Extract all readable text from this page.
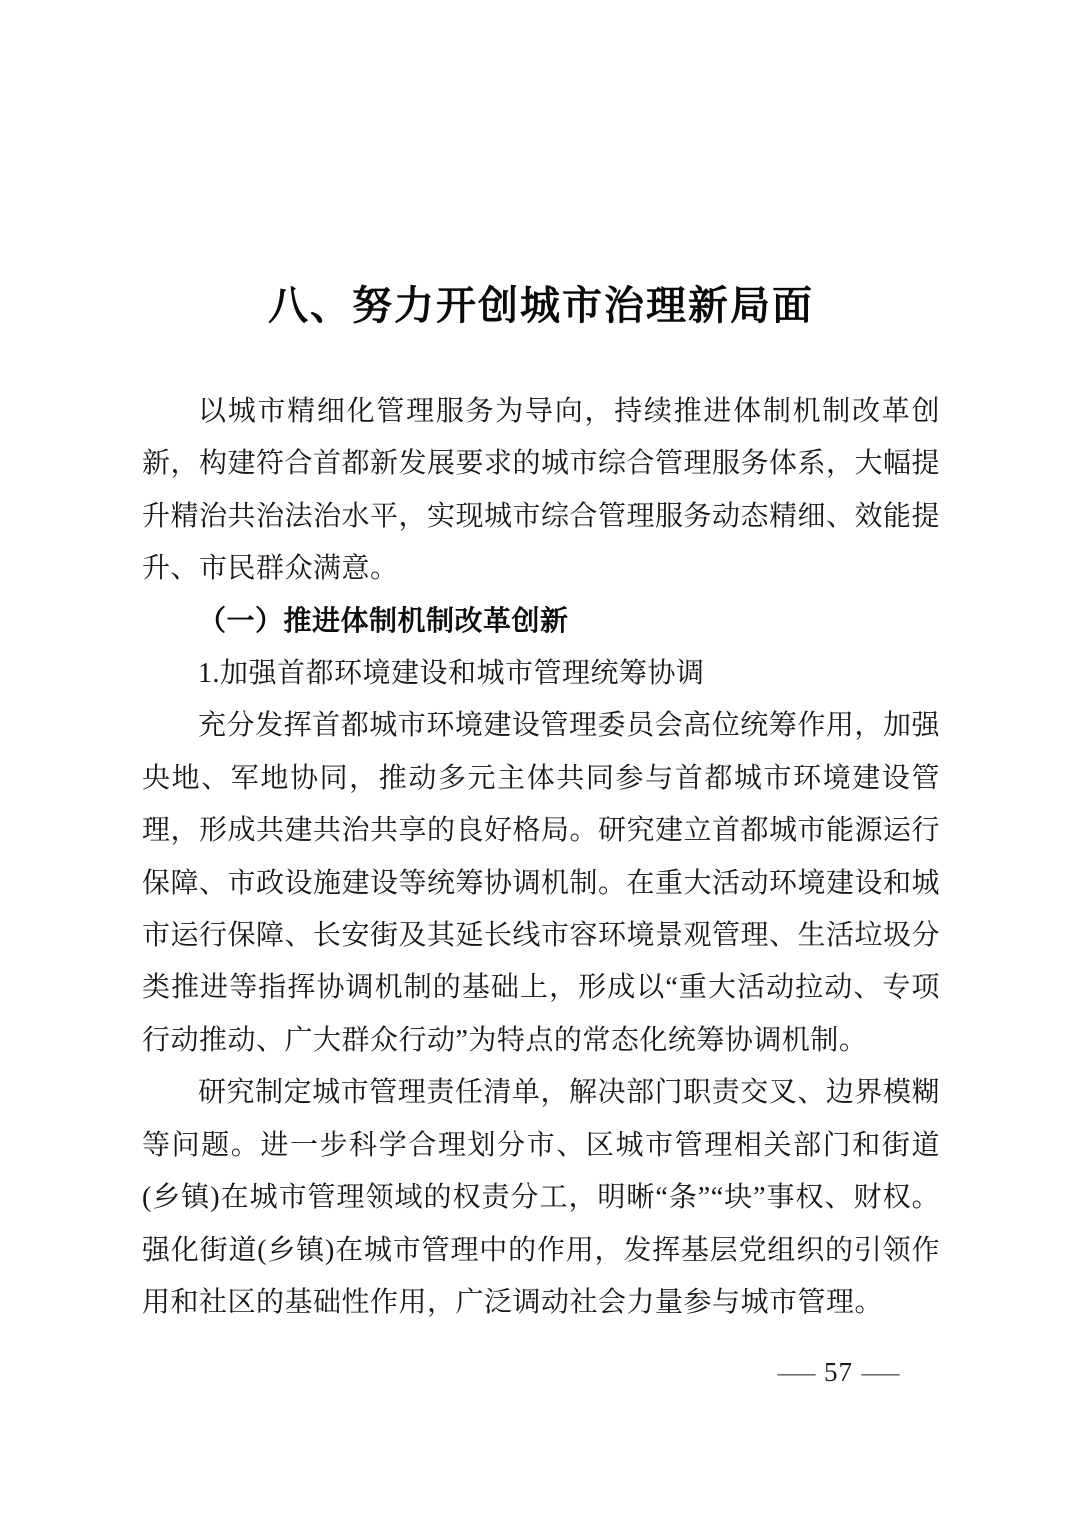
八、努力开创城市治理新局面

以城市精细化管理服务为导向，持续推进体制机制改革创新，构建符合首都新发展要求的城市综合管理服务体系，大幅提升精治共治法治水平，实现城市综合管理服务动态精细、效能提升、市民群众满意。

（一）推进体制机制改革创新

1.加强首都环境建设和城市管理统筹协调

充分发挥首都城市环境建设管理委员会高位统筹作用，加强央地、军地协同，推动多元主体共同参与首都城市环境建设管理，形成共建共治共享的良好格局。研究建立首都城市能源运行保障、市政设施建设等统筹协调机制。在重大活动环境建设和城市运行保障、长安街及其延长线市容环境景观管理、生活垃圾分类推进等指挥协调机制的基础上，形成以“重大活动拉动、专项行动推动、广大群众行动”为特点的常态化统筹协调机制。

研究制定城市管理责任清单，解决部门职责交叉、边界模糊等问题。进一步科学合理划分市、区城市管理相关部门和街道(乡镇)在城市管理领域的权责分工，明晰“条”“块”事权、财权。强化街道(乡镇)在城市管理中的作用，发挥基层党组织的引领作用和社区的基础性作用，广泛调动社会力量参与城市管理。

— 57 —
